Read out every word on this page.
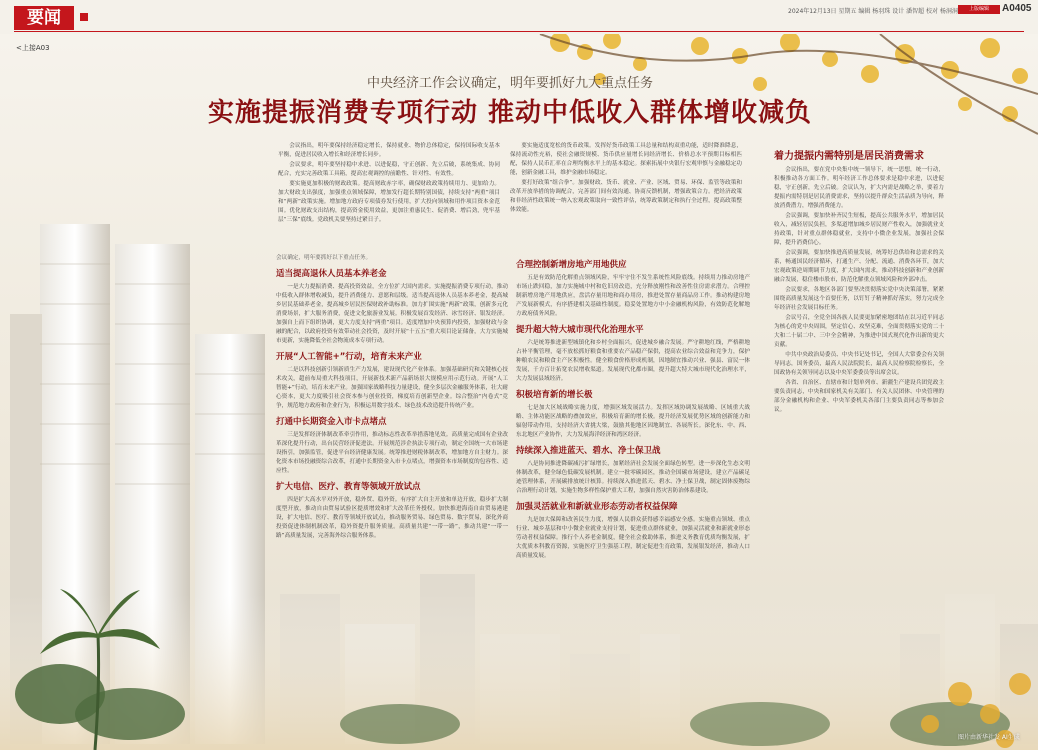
要闻	2024年12月13日 星期五 编辑 杨羽珠 设计 潘智超 校对 杨洞洞	上版编辑	A0405
<上接A03
中央经济工作会议确定，明年要抓好九大重点任务
实施提振消费专项行动 推动中低收入群体增收减负

会议指出，明年要保持经济稳定增长，保持就业、物价总体稳定，保持国际收支基本平衡，促进居民收入增长和经济增长同步。

会议要求，明年要坚持稳中求进、以进促稳，守正创新、先立后破，系统集成、协同配合，充实完善政策工具箱，提高宏观调控的前瞻性、针对性、有效性。

要实施更加积极的财政政策。提高财政赤字率，确保财政政策持续用力、更加给力。加大财政支出强度，加强重点领域保障，增加发行超长期特别国债，持续支持“两重”项目和“两新”政策实施。增加地方政府专项债券发行使用，扩大投向领域和用作项目资本金范围。优化财政支出结构，提高资金使用效益，更加注重惠民生、促消费、增后劲，兜牢基层“三保”底线。党政机关要坚持过紧日子。

要实施适度宽松的货币政策。发挥好货币政策工具总量和结构双重功能，适时降准降息，保持流动性充裕，使社会融资规模、货币供应量增长同经济增长、价格总水平预期目标相匹配，保持人民币汇率在合理均衡水平上的基本稳定。探索拓展中央银行宏观审慎与金融稳定功能，创新金融工具，维护金融市场稳定。

要打好政策“组合拳”。加强财政、货币、就业、产业、区域、贸易、环保、监管等政策和改革开放举措的协调配合，完善部门间有效沟通、协商反馈机制，增强政策合力。把经济政策和非经济性政策统一纳入宏观政策取向一致性评估，统筹政策制定和执行全过程，提高政策整体效能。

会议确定，明年要抓好以下重点任务。

适当提高退休人员基本养老金

一是大力提振消费、提高投资效益，全方位扩大国内需求。实施提振消费专项行动，推动中低收入群体增收减负，提升消费能力、意愿和层级。适当提高退休人员基本养老金，提高城乡居民基础养老金，提高城乡居民医保财政补助标准。加力扩围实施“两新”政策，创新多元化消费场景，扩大服务消费，促进文化旅游业发展。积极发展首发经济、冰雪经济、银发经济。加强自上而下组织协调，更大力度支持“两重”项目。适度增加中央预算内投资，加强财政与金融的配合，以政府投资有效带动社会投资，及时开展“十五五”重大项目论证储备，大力实施城市更新，实施降低全社会物流成本专项行动。

开展“人工智能+”行动，培育未来产业

二是以科技创新引领新质生产力发展，建设现代化产业体系。加强基础研究和关键核心技术攻关，超前布局重大科技项目，开展新技术新产品新场景大规模应用示范行动。开展“人工智能+”行动，培育未来产业。加强国家战略科技力量建设，健全多层次金融服务体系，壮大耐心资本，更大力度吸引社会资本参与创业投资，梯度培育创新型企业。综合整治“内卷式”竞争，规范地方政府和企业行为，积极运用数字技术、绿色技术改造提升传统产业。

打通中长期资金入市卡点堵点

三是发挥经济体制改革牵引作用，推动标志性改革举措落地见效。高质量完成国有企业改革深化提升行动，出台民营经济促进法。开展规范涉企执法专项行动，制定全国统一大市场建设指引，加强监管，促进平台经济健康发展。统筹推进财税体制改革，增加地方自主财力。深化资本市场投融资综合改革，打通中长期资金入市卡点堵点，增强资本市场制度的包容性、适应性。

扩大电信、医疗、教育等领域开放试点

四是扩大高水平对外开放，稳外贸、稳外资。有序扩大自主开放和单边开放，稳步扩大制度型开放，推动自由贸易试验区提质增效和扩大改革任务授权。加快推进海南自由贸易港建设，扩大电信、医疗、教育等领域开放试点，推动服务贸易、绿色贸易、数字贸易，深化外商投资促进体制机制改革，稳外资提升服务质量。高质量共建“一带一路”，推动共建“一带一路”高质量发展，完善海外综合服务体系。

合理控制新增房地产用地供应

五是有效防范化解重点领域风险，牢牢守住不发生系统性风险底线。持续用力推动房地产市场止跌回稳，加力实施城中村和危旧房改造，充分释放刚性和改善性住房需求潜力。合理控制新增房地产用地供应，盘活存量用地和商办用房，推进处置存量商品房工作。推动构建房地产发展新模式，有序搭建相关基础性制度。稳妥处置地方中小金融机构风险，有效防范化解地方政府债务风险。

提升超大特大城市现代化治理水平

六是统筹推进新型城镇化和乡村全面振兴，促进城乡融合发展。严守耕地红线，严格耕地占补平衡管理，毫不放松抓好粮食和重要农产品稳产保供，提高农业综合效益和竞争力，保护种粮农民和粮食主产区积极性。健全粮食价格形成机制，因地制宜推动兴业、强县、富民一体发展，千方百计拓宽农民增收渠道。发展现代化都市圈，提升超大特大城市现代化治理水平，大力发展县域经济。

积极培育新的增长极

七是加大区域战略实施力度，增强区域发展活力。发挥区域协调发展战略、区域重大战略、主体功能区战略的叠加效应，积极培育新的增长极。提升经济发展优势区域的创新能力和辐射带动作用，支持经济大省挑大梁，鼓励其他地区因地制宜、各展所长。深化东、中、西、东北地区产业协作，大力发展海洋经济和湾区经济。

持续深入推进蓝天、碧水、净土保卫战

八是协同推进降碳减污扩绿增长，加紧经济社会发展全面绿色转型。进一步深化生态文明体制改革，健全绿色低碳发展机制。建立一批零碳园区，推动全国碳市场建设，建立产品碳足迹管理体系，开展碳排放统计核算。持续深入推进蓝天、碧水、净土保卫战，制定固体废物综合治理行动计划，实施生物多样性保护重大工程，加强自然灾害防治体系建设。

加强灵活就业和新就业形态劳动者权益保障

九是加大保障和改善民生力度，增强人民群众获得感幸福感安全感。实施重点领域、重点行业、城乡基层和中小微企业就业支持计划，促进重点群体就业，加强灵活就业和新就业形态劳动者权益保障。推行个人养老金制度，健全社会救助体系，推进义务教育优质均衡发展，扩大优质本科教育资源，实施医疗卫生强基工程，制定促进生育政策，发展银发经济，推动人口高质量发展。

着力提振内需特别是居民消费需求

会议指出，要在党中央集中统一领导下，统一思想，统一行动，积极推动各方面工作。明年经济工作总体要求是稳中求进，以进促稳，守正创新，先立后破。会议认为，扩大内需是战略之举，要着力提振内需特别是居民消费需求，坚持以提升群众生活品质为导向，释放消费潜力，增强消费能力。

会议强调，要加快补齐民生短板，提高公共服务水平，增加居民收入，减轻居民负担，多渠道增加城乡居民财产性收入，加强就业支持政策，针对重点群体稳就业，支持中小微企业发展，加强社会保障，提升消费信心。

会议强调，要加快推进高质量发展，统筹好总供给和总需求的关系，畅通国民经济循环，打通生产、分配、流通、消费各环节，加大宏观政策逆周期调节力度，扩大国内需求，推动科技创新和产业创新融合发展，稳住楼市股市，防范化解重点领域风险和外部冲击。

会议要求，各地区各部门要坚决贯彻落实党中央决策部署，紧紧围绕高质量发展这个首要任务，以钉钉子精神抓好落实，努力完成全年经济社会发展目标任务。

会议号召，全党全国各族人民要更加紧密地团结在以习近平同志为核心的党中央周围，坚定信心、攻坚克难，全面贯彻落实党的二十大和二十届二中、三中全会精神，为推进中国式现代化作出新的更大贡献。

中共中央政治局委员、中央书记处书记，全国人大常委会有关领导同志，国务委员，最高人民法院院长，最高人民检察院检察长，全国政协有关领导同志以及中央军委委员等出席会议。

各省、自治区、直辖市和计划单列市、新疆生产建设兵团党政主要负责同志，中央和国家机关有关部门、有关人民团体、中央管理的部分金融机构和企业、中央军委机关各部门主要负责同志等参加会议。

图片由新华社发 AI生成
